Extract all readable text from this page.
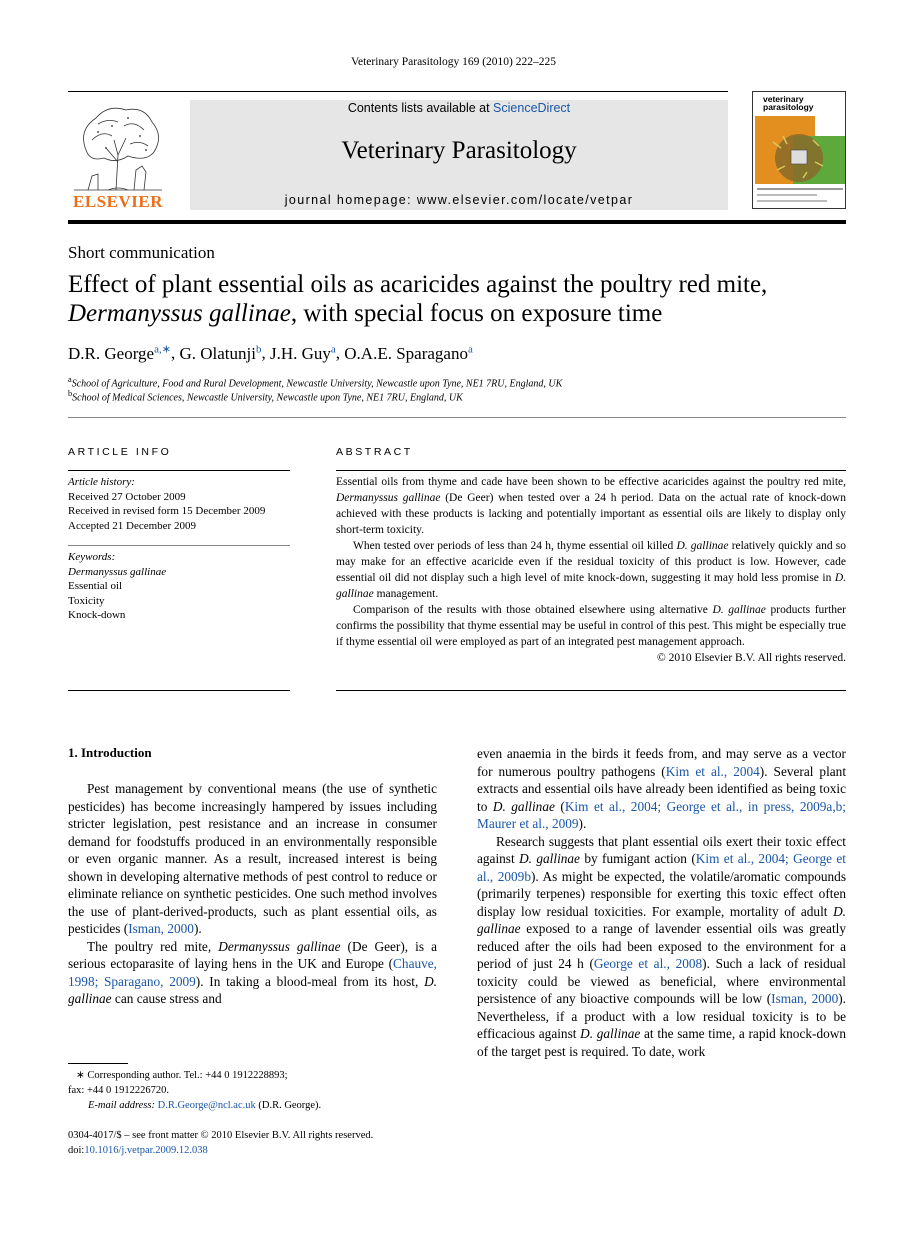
Veterinary Parasitology 169 (2010) 222–225
ELSEVIER
Contents lists available at ScienceDirect
Veterinary Parasitology
journal homepage: www.elsevier.com/locate/vetpar
veterinary parasitology
Short communication
Effect of plant essential oils as acaricides against the poultry red mite,
Dermanyssus gallinae, with special focus on exposure time
D.R. George$^{a,∗}$, G. Olatunji$^b$, J.H. Guy$^a$, O.A.E. Sparagano$^a$
$^a$School of Agriculture, Food and Rural Development, Newcastle University, Newcastle upon Tyne, NE1 7RU, England, UK
$^b$School of Medical Sciences, Newcastle University, Newcastle upon Tyne, NE1 7RU, England, UK
ARTICLE INFO
Article history:
Received 27 October 2009
Received in revised form 15 December 2009
Accepted 21 December 2009
Keywords:
Dermanyssus gallinae
Essential oil
Toxicity
Knock-down
ABSTRACT

Essential oils from thyme and cade have been shown to be effective acaricides against the poultry red mite, Dermanyssus gallinae (De Geer) when tested over a 24 h period. Data on the actual rate of knock-down achieved with these products is lacking and potentially important as essential oils are likely to display only short-term toxicity.

When tested over periods of less than 24 h, thyme essential oil killed D. gallinae relatively quickly and so may make for an effective acaricide even if the residual toxicity of this product is low. However, cade essential oil did not display such a high level of mite knock-down, suggesting it may hold less promise in D. gallinae management.

Comparison of the results with those obtained elsewhere using alternative D. gallinae products further confirms the possibility that thyme essential may be useful in control of this pest. This might be especially true if thyme essential oil were employed as part of an integrated pest management approach.

© 2010 Elsevier B.V. All rights reserved.
1. Introduction

Pest management by conventional means (the use of synthetic pesticides) has become increasingly hampered by issues including stricter legislation, pest resistance and an increase in consumer demand for foodstuffs produced in an environmentally responsible or even organic manner. As a result, increased interest is being shown in developing alternative methods of pest control to reduce or eliminate reliance on synthetic pesticides. One such method involves the use of plant-derived-products, such as plant essential oils, as pesticides (Isman, 2000).

The poultry red mite, Dermanyssus gallinae (De Geer), is a serious ectoparasite of laying hens in the UK and Europe (Chauve, 1998; Sparagano, 2009). In taking a blood-meal from its host, D. gallinae can cause stress and

even anaemia in the birds it feeds from, and may serve as a vector for numerous poultry pathogens (Kim et al., 2004). Several plant extracts and essential oils have already been identified as being toxic to D. gallinae (Kim et al., 2004; George et al., in press, 2009a,b; Maurer et al., 2009).

Research suggests that plant essential oils exert their toxic effect against D. gallinae by fumigant action (Kim et al., 2004; George et al., 2009b). As might be expected, the volatile/aromatic compounds (primarily terpenes) responsible for exerting this toxic effect often display low residual toxicities. For example, mortality of adult D. gallinae exposed to a range of lavender essential oils was greatly reduced after the oils had been exposed to the environment for a period of just 24 h (George et al., 2008). Such a lack of residual toxicity could be viewed as beneficial, where environmental persistence of any bioactive compounds will be low (Isman, 2000). Nevertheless, if a product with a low residual toxicity is to be efficacious against D. gallinae at the same time, a rapid knock-down of the target pest is required. To date, work

∗ Corresponding author. Tel.: +44 0 1912228893;
fax: +44 0 1912226720.
E-mail address: D.R.George@ncl.ac.uk (D.R. George).
0304-4017/$ – see front matter © 2010 Elsevier B.V. All rights reserved.
doi:10.1016/j.vetpar.2009.12.038
